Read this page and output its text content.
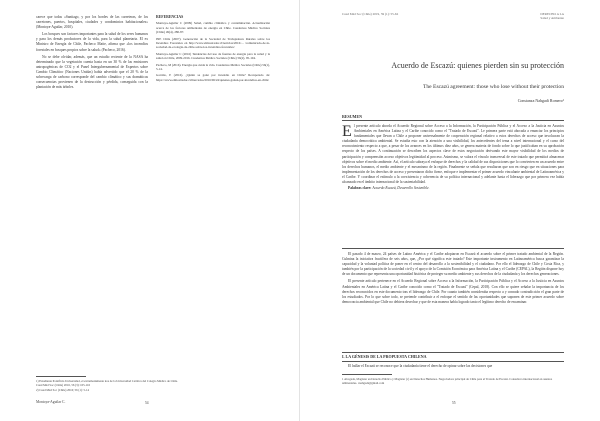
carece que todas «Santiago, y por los bordes de las carreteras, de los carretones, puertos, hospitales, ciudades y condominios habitacionales» (Montoya-Aguilar, 2010).

Los bosques son factores importantes para la salud de los seres humanos y para los demás productores de la vida, para la salud planetaria. El ex Ministro de Energía de Chile, Pacheco Matte, afirma que «los incendios forestales en bosques propios sobre la salud» (Pacheco, 2016).

No se debe olvidar, además, que un estudio reciente de la NASA ha determinado que la vegetación cuenta hasta en un 30 % de las emisiones antropogénicas de CO2 y el Panel Intergubernamental de Expertos sobre Cambio Climático (Naciones Unidas) había advertido que el 20 % de la sobrecarga de carbono corresponde del cambio climático y sus dramáticas consecuencias provienen de la destrucción y pérdida, conseguida con la plantación de más árboles.

REFERENCIAS

Montoya-Aguilar C (2009) Salud, cambio climático y contaminación. Actualización acerca de los factores ambientales de energía en Chile. Cuadernos Médico Sociales (Chile) 49(4), 280-87.

INE Chile (2007). Generación de la Sociedad de Trabajadores Rurales sobre los Incendios Forestales en http://www.elmostrador.cl/noticias/2016/... /comunicado-de-la-sociedad-de-ecologia-de-chile-sobre-los-incendios-forestales/

Montoya-Aguilar C (2016) Tendencias del uso de fuentes de energía para la salud y la salud en Chile, 2009-2016. Cuadernos Médico Sociales (Chile) 56(2), 95-104.

Pacheco, M (2016). Energía que cuida la vida. Cuadernos Médico Sociales (Chile) 56(1), 5-14.

Garrido, E (2016). ¿Quién se ganó por incendio en Chile? Recuperado de: https://www.elmostrador.cl/mercados/2016/06/24/quienes-ganan-por-incendios-en-chile/

1) Estudiante Pontificia Universidad, el extremadamente tres de la Universidad Católica del Colegio Médico de Chile.
Cuad Méd Soc (Chile) 2016, 56 (3): 105-116
2) Cuad Méd Soc (Chile) 2016; 56 (1): 5-14
Montoya-Aguilar C.	54
Cuad Méd Soc (Chile) 2019, 59 (1): 55-62	DERECHO A LA
Salud y Ambiente
Acuerdo de Escazú: quienes pierden sin su protección
The Escazú agreement: those who lose without their protection
Constanza Nahgadi Romero¹
RESUMEN

E l presente artículo aborda el Acuerdo Regional sobre Acceso a la Información, la Participación Pública y el Acceso a la Justicia en Asuntos Ambientales en América Latina y el Caribe conocido como el "Tratado de Escazú". Le primera parte está abocada a enunciar los principios fundamentales que llevan a Chile a proponer universalmente de cooperación regional relativo a estos derechos de acceso que involucran la ciudadanía democrática ambiental. Se estudia esto con la atención a una visibilidad, los antecedentes del tema a nivel internacional y el curso del reconocimiento respecto a que, a pesar de los avances en los últimos diez años, se genera materia de fondo sobre lo que justificaban en su aprobación respecto de los países. A continuación se describen los aspectos clave de estos negociación derivando este mayor visibilidad de los medios de participación y comprensión acceso objetivos legitimidad al proceso. Asimismo, se valora el vínculo transversal de este tratado que permitirá almacenar objetivos sobre el medio ambiente. Así, el artículo subraya el enfoque de derechos y la calidad de sus disposiciones que lo convierten en un acuerdo entre los derechos humanos, el medio ambiente y el mecanismo de la región. Finalmente se señala que resultaron que son en riesgo que en situaciones para implementación de los derechos de acceso y presentaron dicho firme, enfoque e implementar el primer acuerdo vinculante ambiental de Latinoamérica y el Caribe. Y coordinar el estímulo a la coexistencia y coherencia de su política internacional y adelante hasta el liderazgo que por primera vez había alcanzado en el ámbito internacional de la sustentabilidad.

Palabras clave: Acuerdo Escazú, Desarrollo Sostenible.

El pasado 4 de marzo, 24 países de Latino América y el Caribe adoptaron en Escazú el acuerdo sobre el primer tratado ambiental de la Región. Culmina la iniciativa fructífera de seis años, que, ¿Por qué significa este tratado? Este importante instrumento en Latinoamérica busca garantizar la capacidad y la voluntad política de poner en el centro del desarrollo a la sostenibilidad y el ciudadano. Por ello el liderazgo de Chile y Costa Rica, y también por la participación de la sociedad civil y el apoyo de la Comisión Económica para América Latina y el Caribe (CEPAL), la Región dispone hoy de un documento que representa una oportunidad histórica de proteger su medio ambiente y sus derechos de la ciudadanía y los derechos generaciones.

El presente artículo pertenece en el Acuerdo Regional sobre Acceso a la Información, la Participación Pública y el Acceso a la Justicia en Asuntos Ambientales en América Latina y el Caribe conocido como el "Tratado de Escazú" (Cepal, 2018). Con ello se quiere señalar la importancia de los derechos reconocidos en este documento tras el liderazgo de Chile. Por cuanto también consideraba respecto a y conrado contradicción el gran parte de los estudiados. Por lo que sobre todo, se pretende contribuir a el enfoque el sentido de las oportunidades que suponen de este primer acuerdo sobre democracia ambiental que Chile no debiera desechar y que de esta manera había logrado tanto el legítimo derecho de encaminar.

I. LA GÉNESIS DE LA PROPUESTA CHILENA

El hallar el Escazú se reconoce que la ciudadanía tiene el derecho de opinar sobre las decisiones que

1 Abogada, Magíster en Derecho Público y Magíster (c) en Derechos Humanos. Negociadora principal de Chile para el Tratado de Escazú. Consultora internacional en asuntos ambientales. cnahgadi@gmail.com
55
